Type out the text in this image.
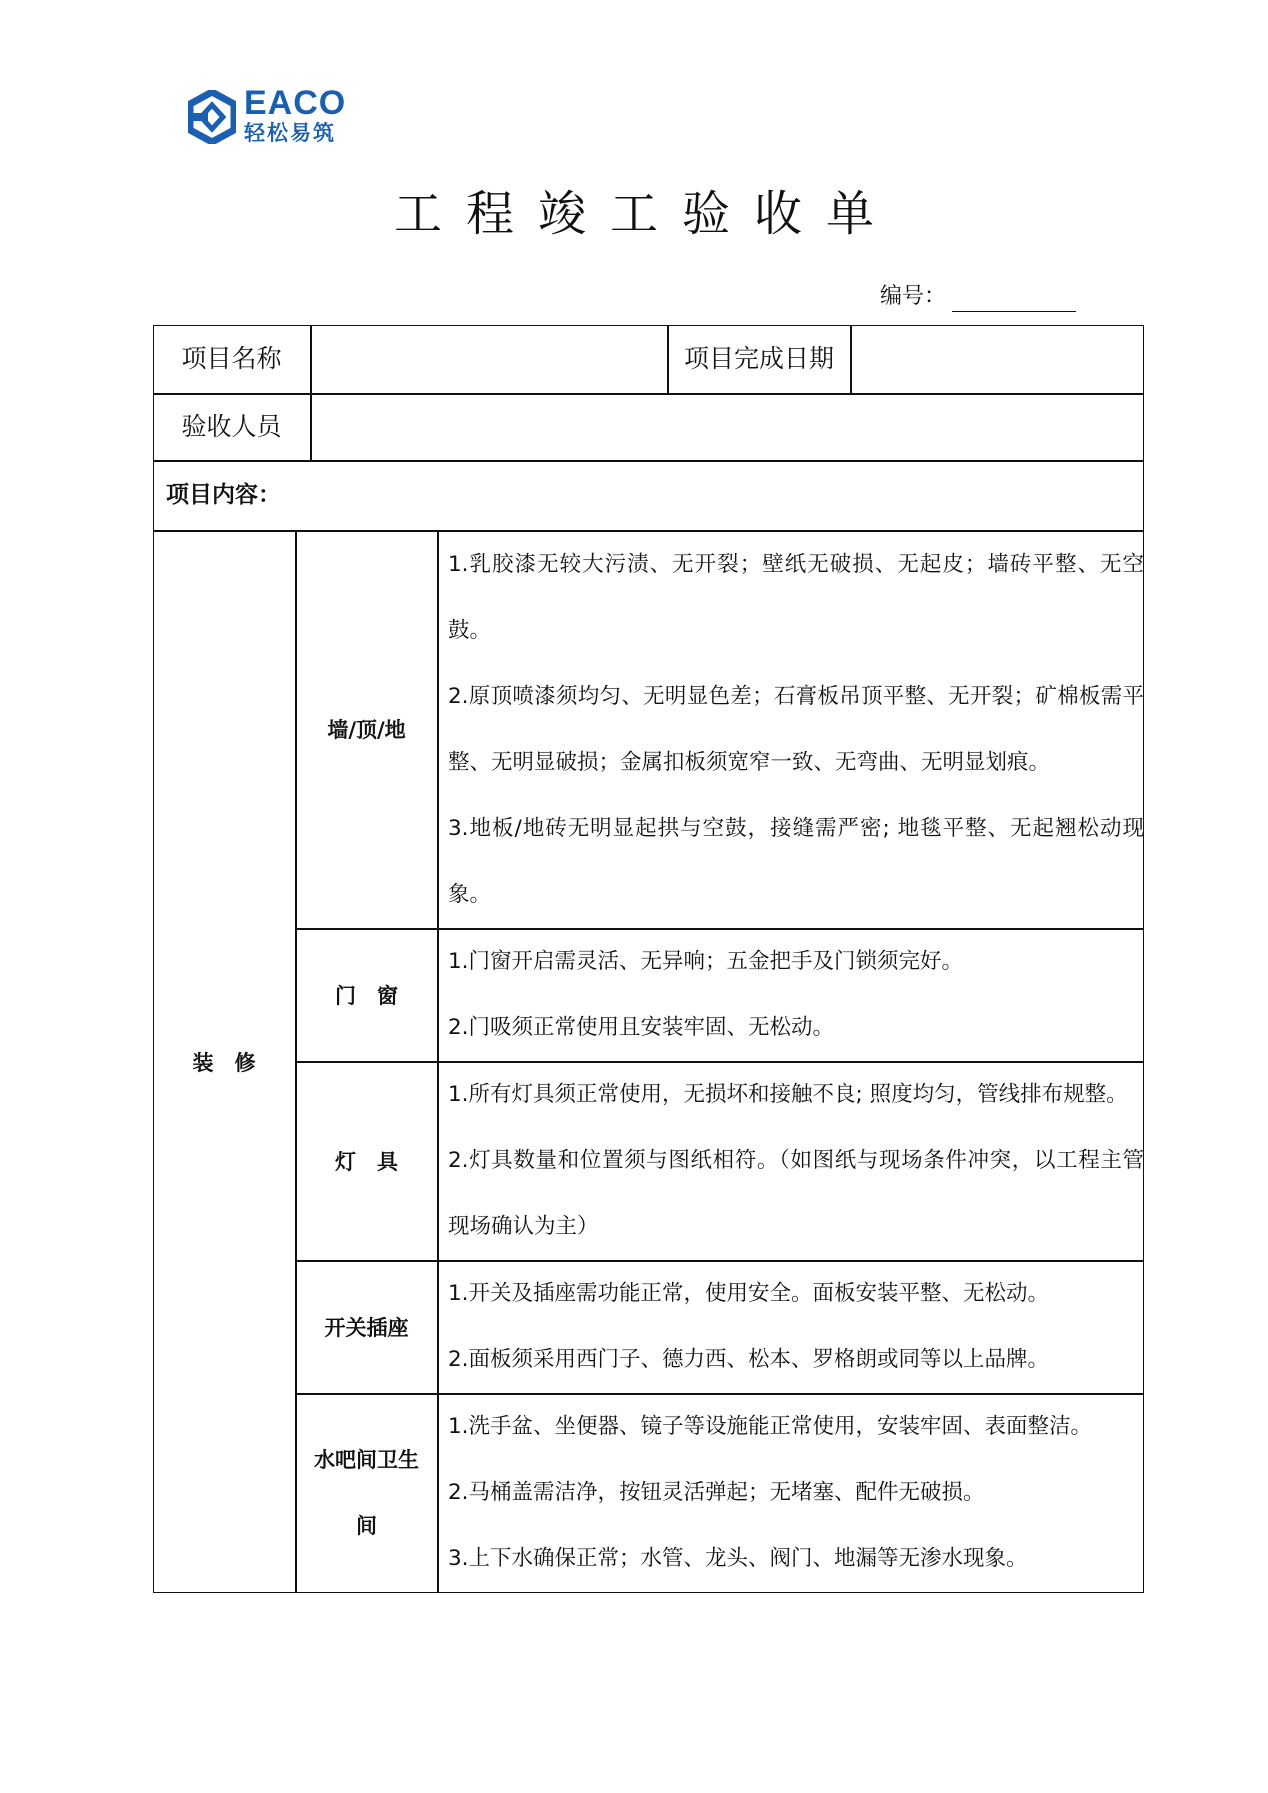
EACO
轻松易筑
工程竣工验收单
编号：
项目名称	项目完成日期
验收人员
项目内容：
装　修
墙/顶/地
门　窗
灯　具
开关插座
水吧间卫生间
1.乳胶漆无较大污渍、无开裂；壁纸无破损、无起皮；墙砖平整、无空鼓。
2.原顶喷漆须均匀、无明显色差；石膏板吊顶平整、无开裂；矿棉板需平整、无明显破损；金属扣板须宽窄一致、无弯曲、无明显划痕。
3.地板/地砖无明显起拱与空鼓，接缝需严密; 地毯平整、无起翘松动现象。
1.门窗开启需灵活、无异响；五金把手及门锁须完好。
2.门吸须正常使用且安装牢固、无松动。
1.所有灯具须正常使用，无损坏和接触不良; 照度均匀，管线排布规整。
2.灯具数量和位置须与图纸相符。（如图纸与现场条件冲突，以工程主管现场确认为主）
1.开关及插座需功能正常，使用安全。面板安装平整、无松动。
2.面板须采用西门子、德力西、松本、罗格朗或同等以上品牌。
1.洗手盆、坐便器、镜子等设施能正常使用，安装牢固、表面整洁。
2.马桶盖需洁净，按钮灵活弹起；无堵塞、配件无破损。
3.上下水确保正常；水管、龙头、阀门、地漏等无渗水现象。
